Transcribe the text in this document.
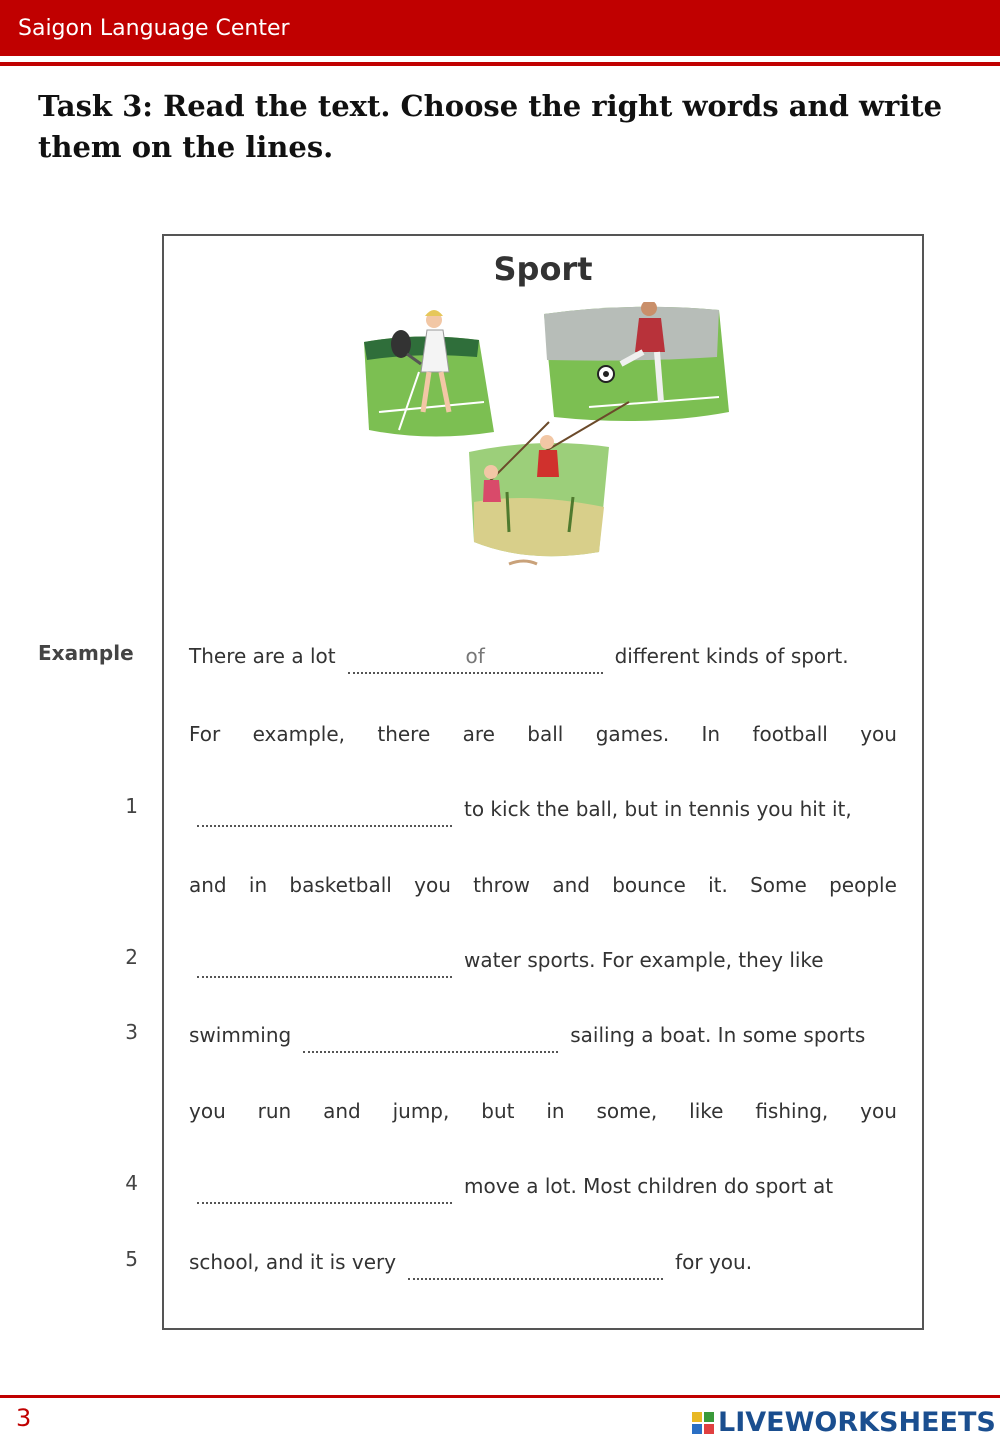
Saigon Language Center
Task 3: Read the text. Choose the right words and write them on the lines.
Example
1
2
3
4
5
Sport
There are a lot	of	different kinds of sport.
For example, there are ball games. In football you
to kick the ball, but in tennis you hit it,
and in basketball you throw and bounce it. Some people
water sports. For example, they like
swimming	sailing a boat. In some sports
you run and jump, but in some, like fishing, you
move a lot. Most children do sport at
school, and it is very	for you.
3	LIVEWORKSHEETS
